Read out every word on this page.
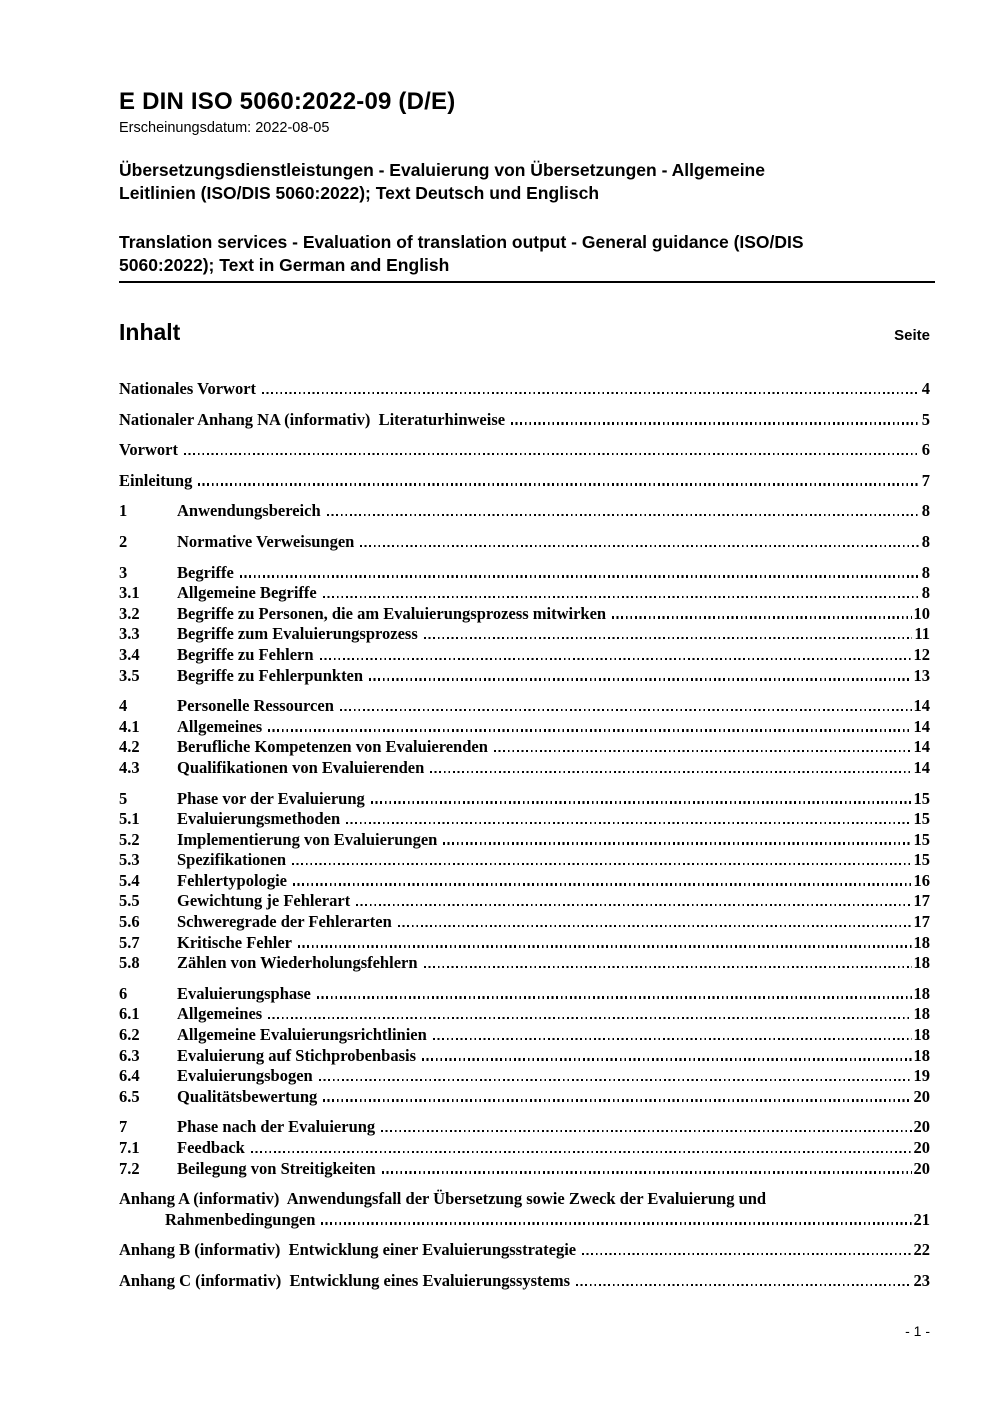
E DIN ISO 5060:2022-09 (D/E)
Erscheinungsdatum: 2022-08-05
Übersetzungsdienstleistungen - Evaluierung von Übersetzungen - Allgemeine
Leitlinien (ISO/DIS 5060:2022); Text Deutsch und Englisch
Translation services - Evaluation of translation output - General guidance (ISO/DIS
5060:2022); Text in German and English
Inhalt	Seite
Nationales Vorwort	4
Nationaler Anhang NA (informativ)  Literaturhinweise	5
Vorwort	6
Einleitung	7
1	Anwendungsbereich	8
2	Normative Verweisungen	8
3	Begriffe	8
3.1	Allgemeine Begriffe	8
3.2	Begriffe zu Personen, die am Evaluierungsprozess mitwirken	10
3.3	Begriffe zum Evaluierungsprozess	11
3.4	Begriffe zu Fehlern	12
3.5	Begriffe zu Fehlerpunkten	13
4	Personelle Ressourcen	14
4.1	Allgemeines	14
4.2	Berufliche Kompetenzen von Evaluierenden	14
4.3	Qualifikationen von Evaluierenden	14
5	Phase vor der Evaluierung	15
5.1	Evaluierungsmethoden	15
5.2	Implementierung von Evaluierungen	15
5.3	Spezifikationen	15
5.4	Fehlertypologie	16
5.5	Gewichtung je Fehlerart	17
5.6	Schweregrade der Fehlerarten	17
5.7	Kritische Fehler	18
5.8	Zählen von Wiederholungsfehlern	18
6	Evaluierungsphase	18
6.1	Allgemeines	18
6.2	Allgemeine Evaluierungsrichtlinien	18
6.3	Evaluierung auf Stichprobenbasis	18
6.4	Evaluierungsbogen	19
6.5	Qualitätsbewertung	20
7	Phase nach der Evaluierung	20
7.1	Feedback	20
7.2	Beilegung von Streitigkeiten	20
Anhang A (informativ)  Anwendungsfall der Übersetzung sowie Zweck der Evaluierung und
Rahmenbedingungen	21
Anhang B (informativ)  Entwicklung einer Evaluierungsstrategie	22
Anhang C (informativ)  Entwicklung eines Evaluierungssystems	23
- 1 -
